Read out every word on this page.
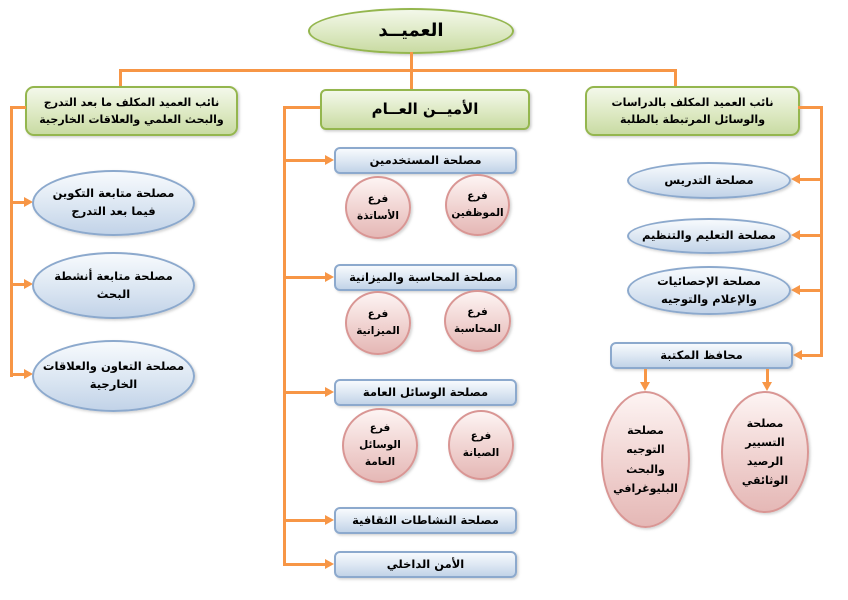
العميــد
نائب العميد المكلف ما بعد التدرج والبحث العلمي والعلاقات الخارجية
مصلحة متابعة التكوين فيما بعد التدرج
مصلحة متابعة أنشطة البحث
مصلحة التعاون والعلاقات الخارجية
الأميــن العــام
مصلحة المستخدمين
فرع الأساتذة
فرع الموظفين
مصلحة المحاسبة والميزانية
فرع الميزانية
فرع المحاسبة
مصلحة الوسائل العامة
فرع الوسائل العامة
فرع الصيانة
مصلحة النشاطات الثقافية
الأمن الداخلي
نائب العميد المكلف بالدراسات والوسائل المرتبطة بالطلبة
مصلحة التدريس
مصلحة التعليم والتنظيم
مصلحة الإحصائيات والإعلام والتوجيه
محافظ المكتبة
مصلحة التوجيه والبحث البليوغرافي
مصلحة التسيير الرصيد الوثائقي
